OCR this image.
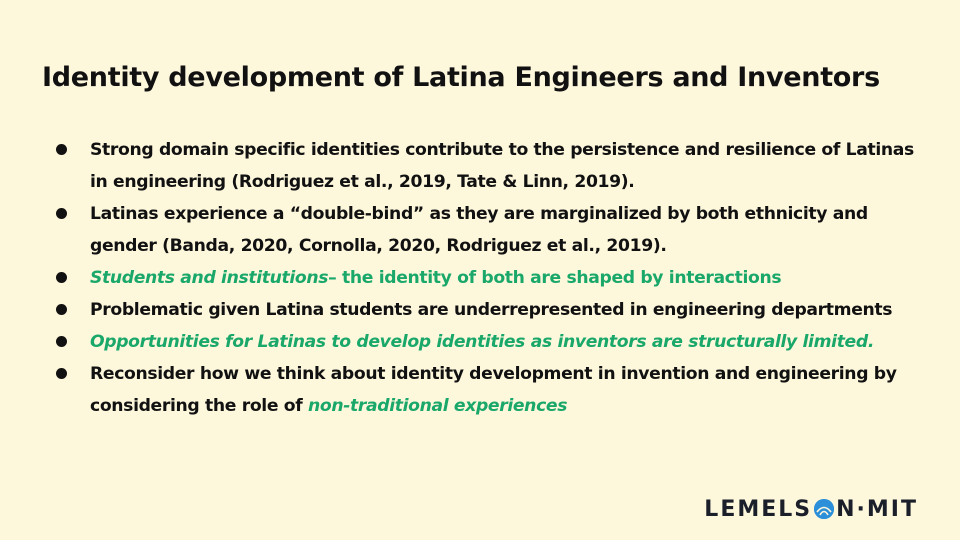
Identity development of Latina Engineers and Inventors
Strong domain specific identities contribute to the persistence and resilience of Latinas in engineering (Rodriguez et al., 2019, Tate & Linn, 2019).
Latinas experience a “double-bind” as they are marginalized by both ethnicity and gender (Banda, 2020, Cornolla, 2020, Rodriguez et al., 2019).
Students and institutions– the identity of both are shaped by interactions
Problematic given Latina students are underrepresented in engineering departments
Opportunities for Latinas to develop identities as inventors are structurally limited.
Reconsider how we think about identity development in invention and engineering by considering the role of non-traditional experiences
LEMELS N·MIT
